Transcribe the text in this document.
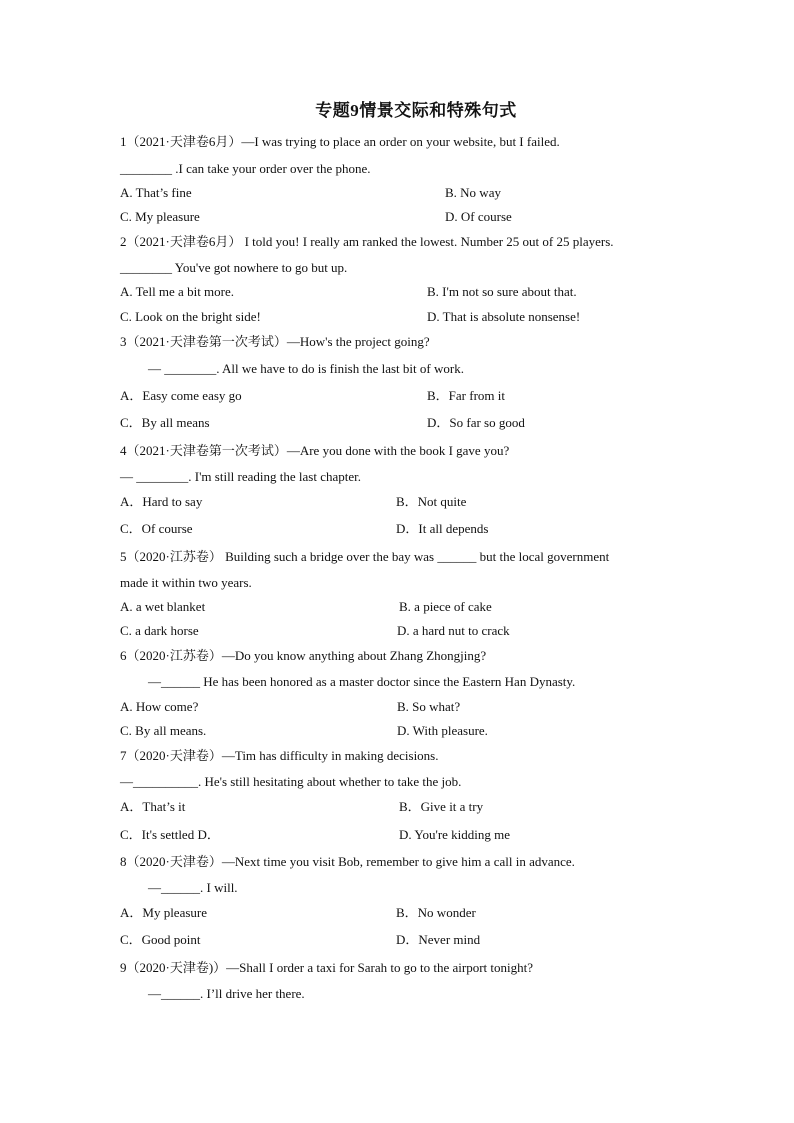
专题9情景交际和特殊句式
1（2021·天津卷6月）—I was trying to place an order on your website, but I failed.
________ .I can take your order over the phone.
A. That’s fine	B. No way
C. My pleasure	D. Of course
2（2021·天津卷6月） I told you! I really am ranked the lowest. Number 25 out of 25 players.
________ You've got nowhere to go but up.
A. Tell me a bit more.	B. I'm not so sure about that.
C. Look on the bright side!	D. That is absolute nonsense!
3（2021·天津卷第一次考试）—How's the project going?
— ________. All we have to do is finish the last bit of work.
A．Easy come easy go	B．Far from it
C．By all means	D．So far so good
4（2021·天津卷第一次考试）—Are you done with the book I gave you?
— ________. I'm still reading the last chapter.
A．Hard to say	B．Not quite
C．Of course	D．It all depends
5（2020·江苏卷） Building such a bridge over the bay was ______ but the local government
made it within two years.
A. a wet blanket	B. a piece of cake
C. a dark horse	D. a hard nut to crack
6（2020·江苏卷）—Do you know anything about Zhang Zhongjing?
—______ He has been honored as a master doctor since the Eastern Han Dynasty.
A. How come?	B. So what?
C. By all means.	D. With pleasure.
7（2020·天津卷）—Tim has difficulty in making decisions.
—__________. He's still hesitating about whether to take the job.
A．That’s it	B．Give it a try
C．It's settled D．	D. You're kidding me
8（2020·天津卷）—Next time you visit Bob, remember to give him a call in advance.
—______. I will.
A．My pleasure	B．No wonder
C．Good point	D．Never mind
9（2020·天津卷)）—Shall I order a taxi for Sarah to go to the airport tonight?
—______. I’ll drive her there.
